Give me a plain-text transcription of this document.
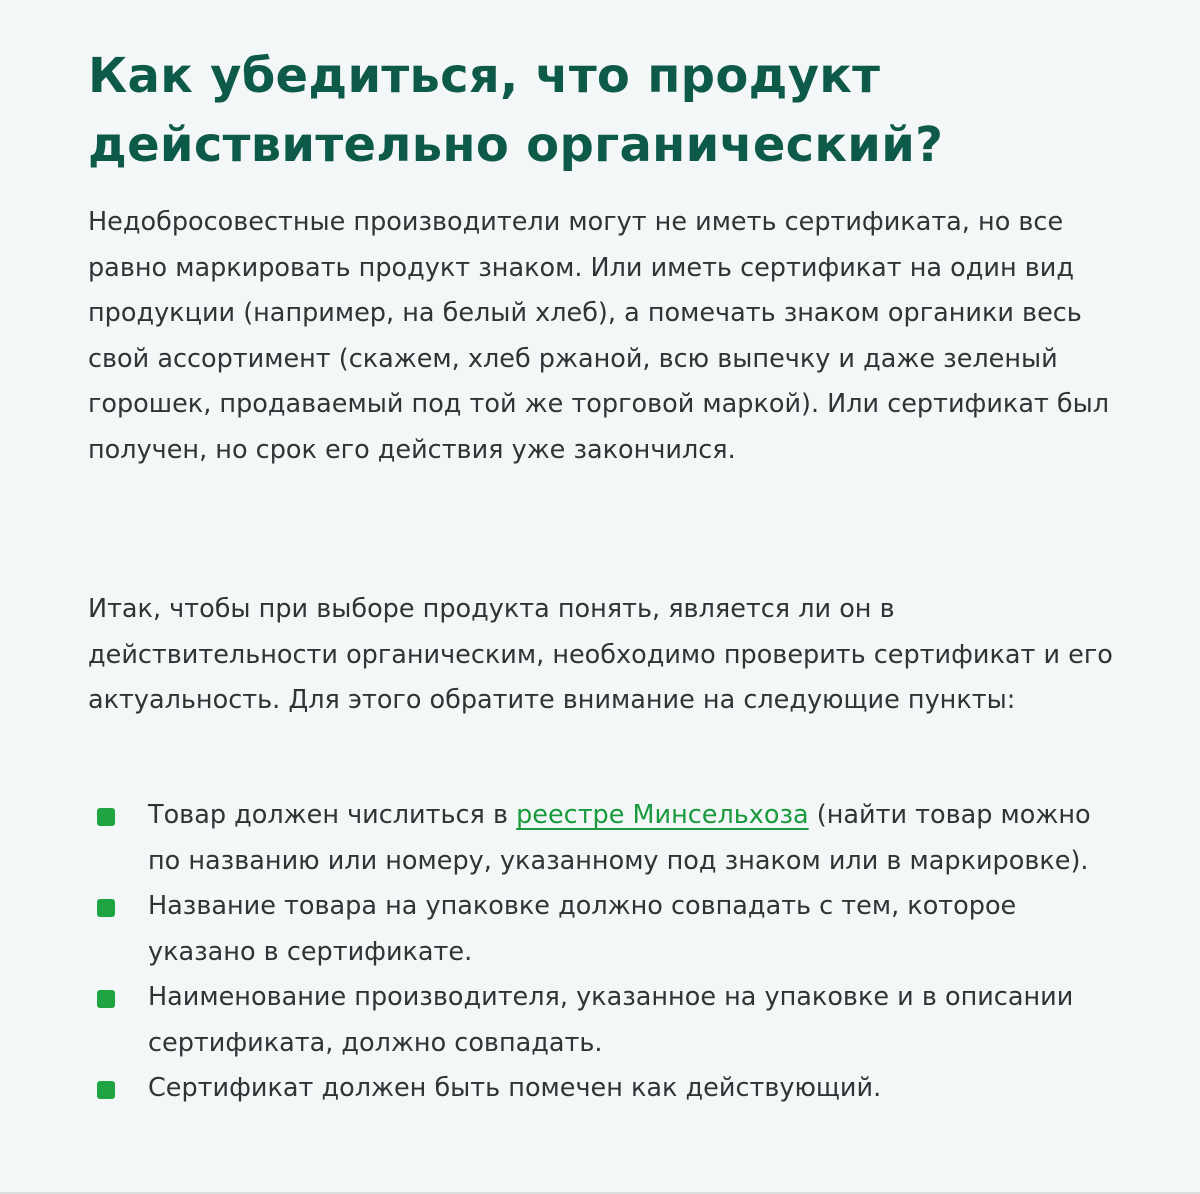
Как убедиться, что продукт действительно органический?

Недобросовестные производители могут не иметь сертификата, но все равно маркировать продукт знаком. Или иметь сертификат на один вид продукции (например, на белый хлеб), а помечать знаком органики весь свой ассортимент (скажем, хлеб ржаной, всю выпечку и даже зеленый горошек, продаваемый под той же торговой маркой). Или сертификат был получен, но срок его действия уже закончился.

Итак, чтобы при выборе продукта понять, является ли он в действительности органическим, необходимо проверить сертификат и его актуальность. Для этого обратите внимание на следующие пункты:

Товар должен числиться в реестре Минсельхоза (найти товар можно по названию или номеру, указанному под знаком или в маркировке).
Название товара на упаковке должно совпадать с тем, которое указано в сертификате.
Наименование производителя, указанное на упаковке и в описании сертификата, должно совпадать.
Сертификат должен быть помечен как действующий.
